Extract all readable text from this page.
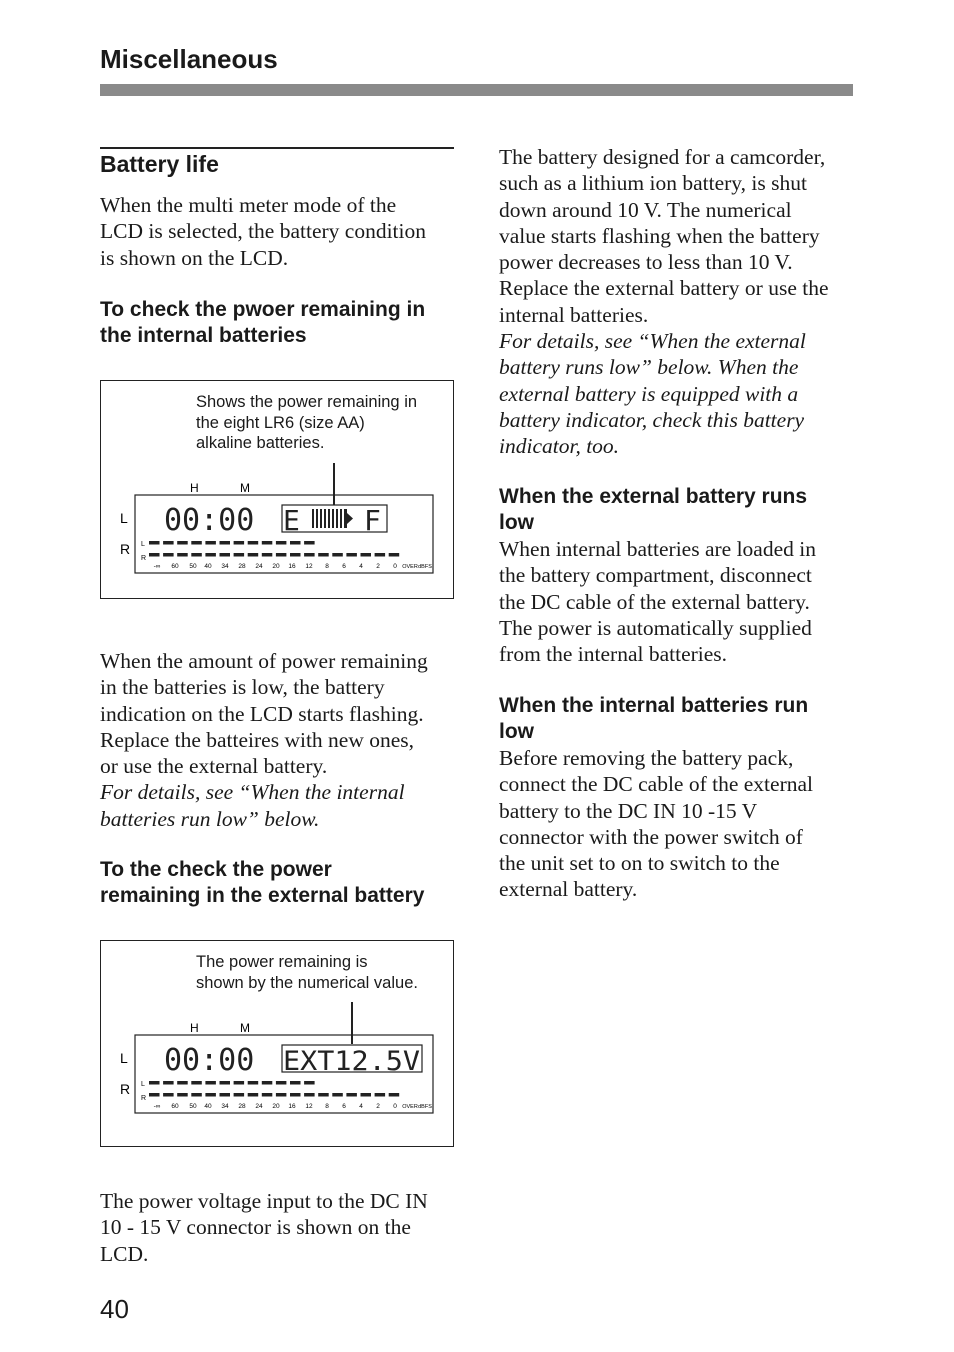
Miscellaneous
Battery life
When the multi meter mode of the
LCD is selected, the battery condition
is shown on the LCD.
To check the pwoer remaining in
the internal batteries
Shows the power remaining in
the eight LR6 (size AA)
alkaline batteries.
H	M
L
R
00:00 E F
L
R
-∞ 60 50 40 34 28 24 20 16 12 8 6 4 2 0 OVER dBFS
When the amount of power remaining
in the batteries is low, the battery
indication on the LCD starts flashing.
Replace the batteires with new ones,
or use the external battery.
For details, see “When the internal
batteries run low” below.
To the check the power
remaining in the external battery
The power remaining is
shown by the numerical value.
H	M
L
R
00:00 EXT12.5V
L
R
-∞ 60 50 40 34 28 24 20 16 12 8 6 4 2 0 OVER dBFS
The power voltage input to the DC IN
10 - 15 V connector is shown on the
LCD.
The battery designed for a camcorder,
such as a lithium ion battery, is shut
down around 10 V. The numerical
value starts flashing when the battery
power decreases to less than 10 V.
Replace the external battery or use the
internal batteries.
For details, see “When the external
battery runs low” below. When the
external battery is equipped with a
battery indicator, check this battery
indicator, too.
When the external battery runs
low
When internal batteries are loaded in
the battery compartment, disconnect
the DC cable of the external battery.
The power is automatically supplied
from the internal batteries.
When the internal batteries run
low
Before removing the battery pack,
connect the DC cable of the external
battery to the DC IN 10 -15 V
connector with the power switch of
the unit set to on to switch to the
external battery.
40
